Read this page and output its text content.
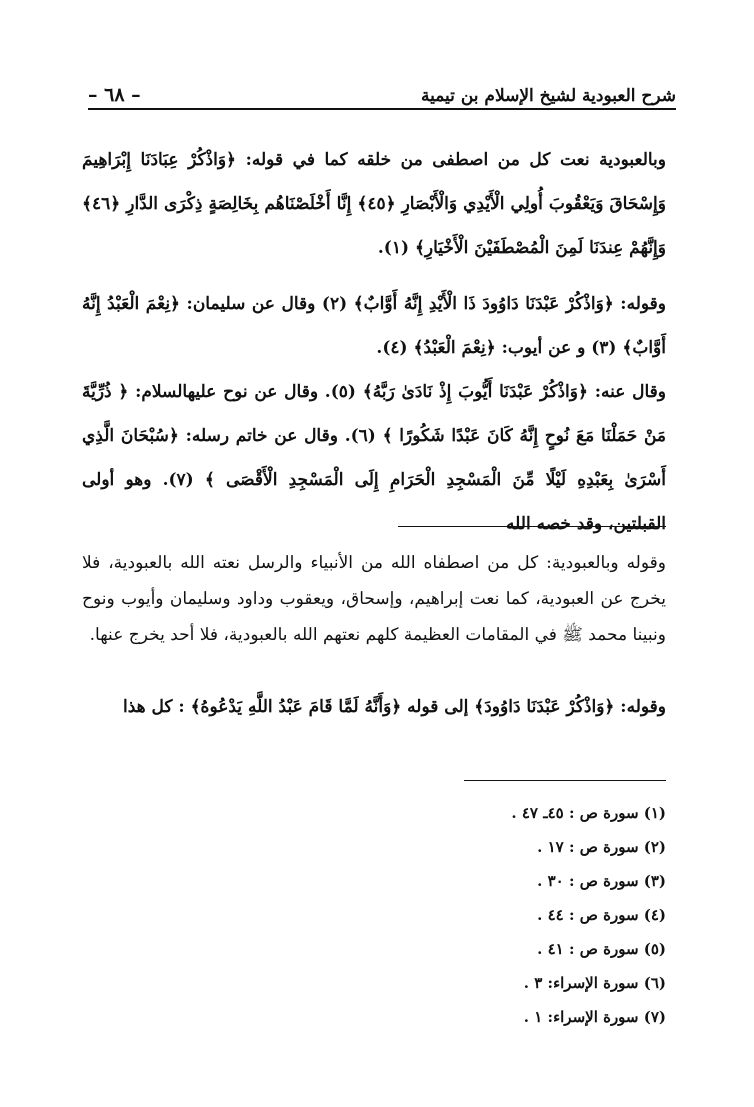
شرح العبودية لشيخ الإسلام بن تيمية
– ٦٨ –

وبالعبودية نعت كل من اصطفى من خلقه كما في قوله: ﴿وَاذْكُرْ عِبَادَنَا إِبْرَاهِيمَ وَإِسْحَاقَ وَيَعْقُوبَ أُولِي الْأَيْدِي وَالْأَبْصَارِ ﴿٤٥﴾ إِنَّا أَخْلَصْنَاهُم بِخَالِصَةٍ ذِكْرَى الدَّارِ ﴿٤٦﴾ وَإِنَّهُمْ عِندَنَا لَمِنَ الْمُصْطَفَيْنَ الْأَخْيَارِ﴾ (١).

وقوله: ﴿وَاذْكُرْ عَبْدَنَا دَاوُودَ ذَا الْأَيْدِ إِنَّهُ أَوَّابٌ﴾ (٢) وقال عن سليمان: ﴿نِعْمَ الْعَبْدُ إِنَّهُ أَوَّابٌ﴾ (٣) و عن أيوب: ﴿نِعْمَ الْعَبْدُ﴾ (٤).

وقال عنه: ﴿وَاذْكُرْ عَبْدَنَا أَيُّوبَ إِذْ نَادَىٰ رَبَّهُ﴾ (٥). وقال عن نوح عليهالسلام: ﴿ ذُرِّيَّةَ مَنْ حَمَلْنَا مَعَ نُوحٍ إِنَّهُ كَانَ عَبْدًا شَكُورًا ﴾ (٦). وقال عن خاتم رسله: ﴿سُبْحَانَ الَّذِي أَسْرَىٰ بِعَبْدِهِ لَيْلًا مِّنَ الْمَسْجِدِ الْحَرَامِ إِلَى الْمَسْجِدِ الْأَقْصَى ﴾ (٧). وهو أولى القبلتين، وقد خصه الله

وقوله وبالعبودية: كل من اصطفاه الله من الأنبياء والرسل نعته الله بالعبودية، فلا يخرج عن العبودية، كما نعت إبراهيم، وإسحاق، ويعقوب وداود وسليمان وأيوب ونوح ونبينا محمد ﷺ في المقامات العظيمة كلهم نعتهم الله بالعبودية، فلا أحد يخرج عنها.

وقوله: ﴿وَاذْكُرْ عَبْدَنَا دَاوُودَ﴾ إلى قوله ﴿وَأَنَّهُ لَمَّا قَامَ عَبْدُ اللَّهِ يَدْعُوهُ﴾ : كل هذا

(١) سورة ص : ٤٥ـ ٤٧ .
(٢) سورة ص : ١٧ .
(٣) سورة ص : ٣٠ .
(٤) سورة ص : ٤٤ .
(٥) سورة ص : ٤١ .
(٦) سورة الإسراء: ٣ .
(٧) سورة الإسراء: ١ .
